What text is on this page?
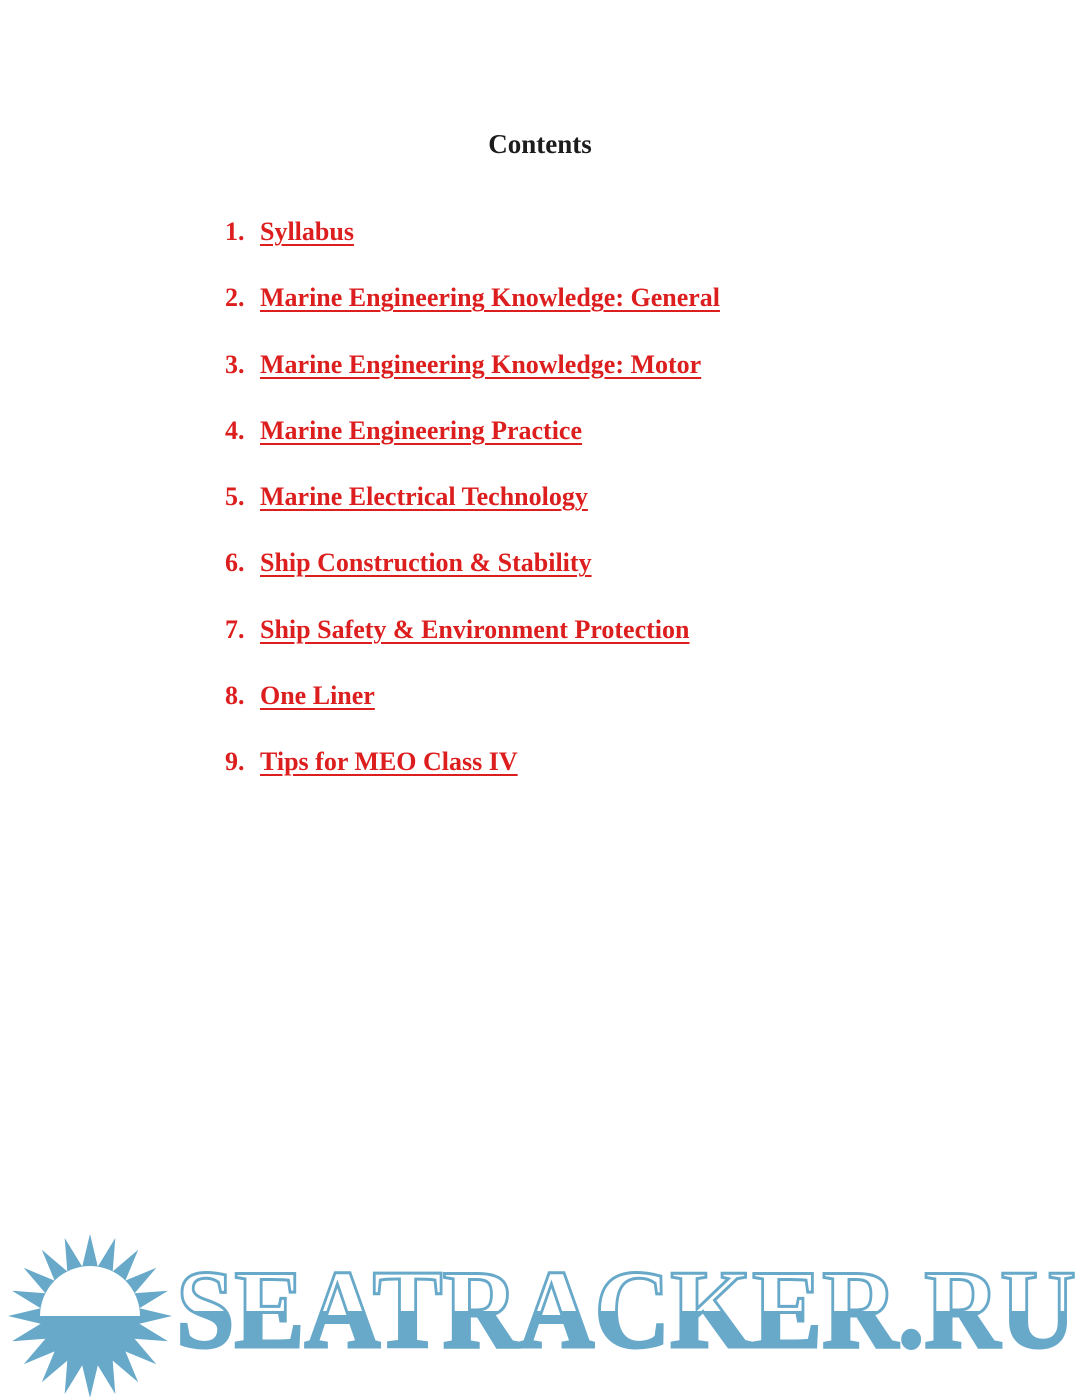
Contents
1. Syllabus
2. Marine Engineering Knowledge: General
3. Marine Engineering Knowledge: Motor
4. Marine Engineering Practice
5. Marine Electrical Technology
6. Ship Construction & Stability
7. Ship Safety & Environment Protection
8. One Liner
9. Tips for MEO Class IV
SEATRACKER.RU
